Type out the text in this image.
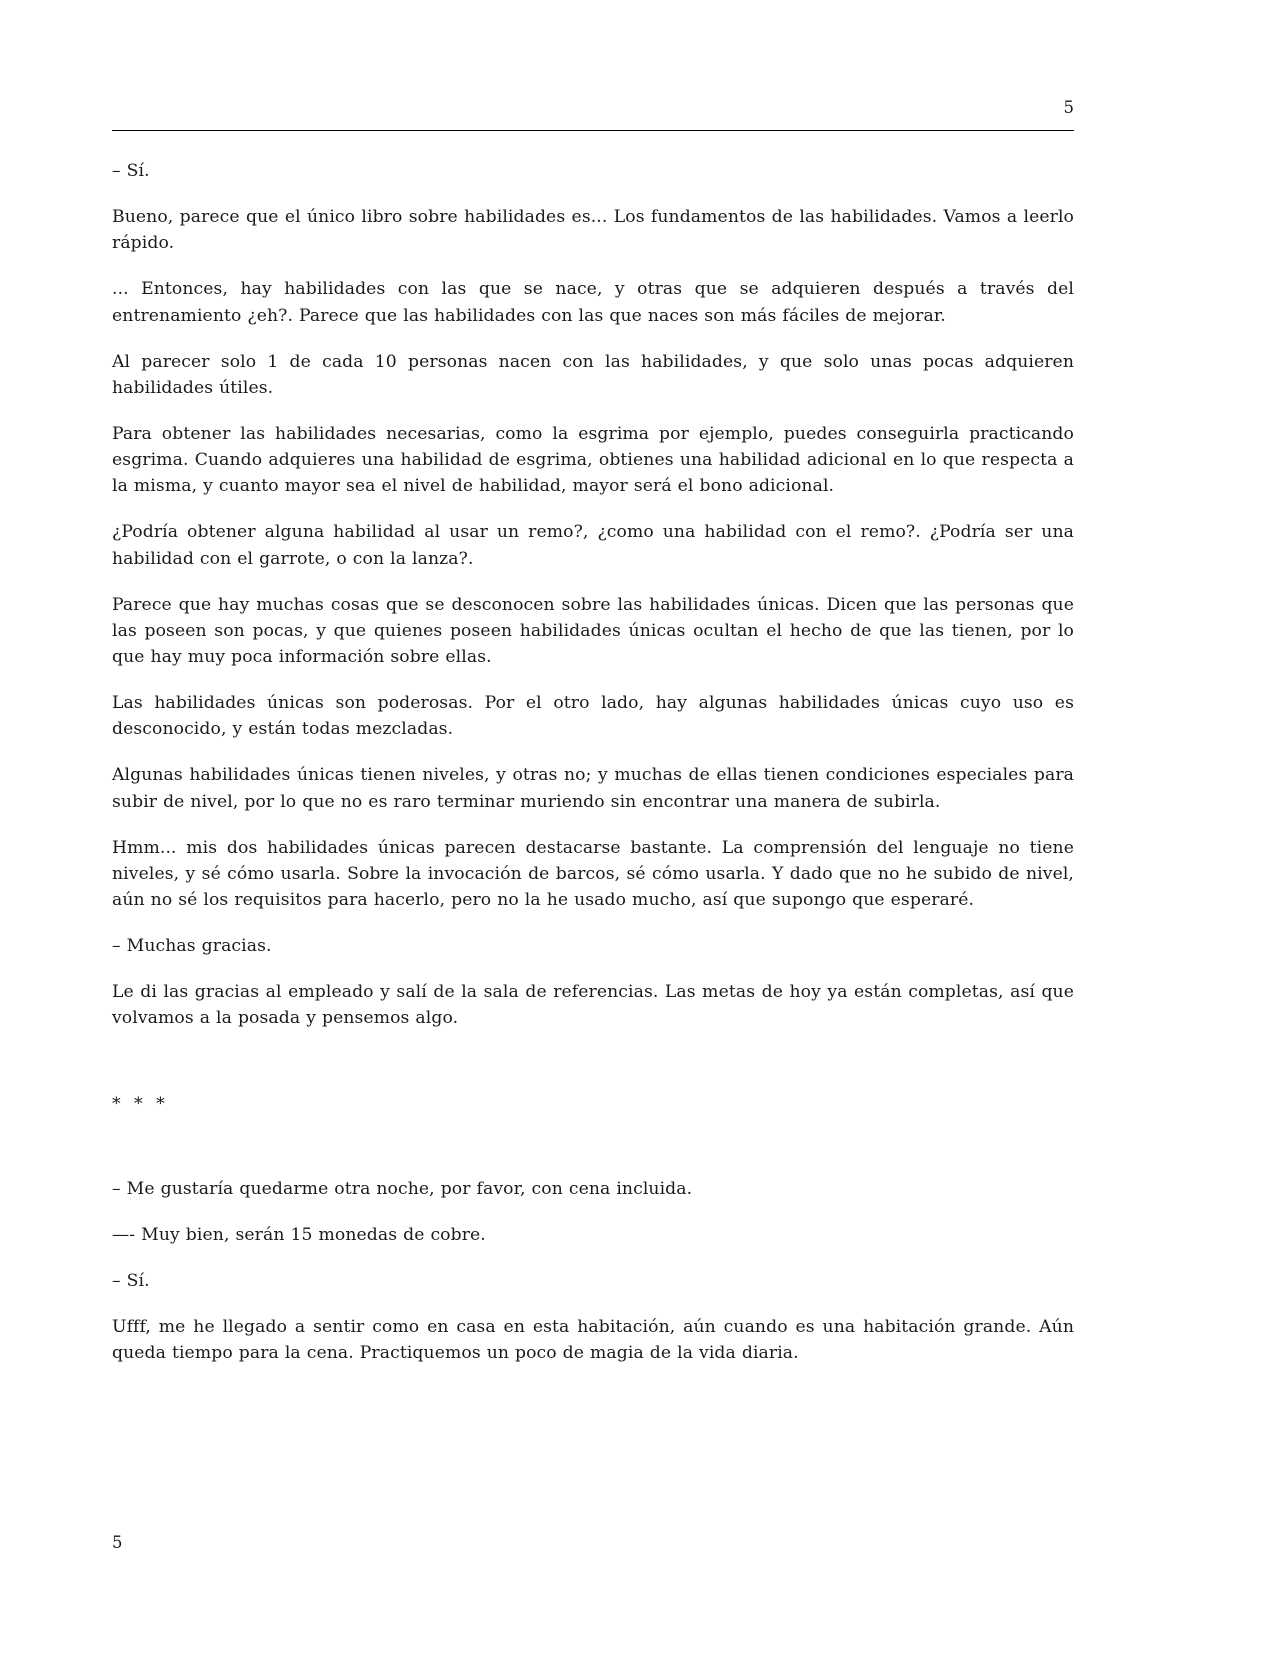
5

– Sí.

Bueno, parece que el único libro sobre habilidades es... Los fundamentos de las habilidades. Vamos a leerlo rápido.

... Entonces, hay habilidades con las que se nace, y otras que se adquieren después a través del entrenamiento ¿eh?. Parece que las habilidades con las que naces son más fáciles de mejorar.

Al parecer solo 1 de cada 10 personas nacen con las habilidades, y que solo unas pocas adquieren habilidades útiles.

Para obtener las habilidades necesarias, como la esgrima por ejemplo, puedes conseguirla practicando esgrima. Cuando adquieres una habilidad de esgrima, obtienes una habilidad adicional en lo que respecta a la misma, y cuanto mayor sea el nivel de habilidad, mayor será el bono adicional.

¿Podría obtener alguna habilidad al usar un remo?, ¿como una habilidad con el remo?. ¿Podría ser una habilidad con el garrote, o con la lanza?.

Parece que hay muchas cosas que se desconocen sobre las habilidades únicas. Dicen que las personas que las poseen son pocas, y que quienes poseen habilidades únicas ocultan el hecho de que las tienen, por lo que hay muy poca información sobre ellas.

Las habilidades únicas son poderosas. Por el otro lado, hay algunas habilidades únicas cuyo uso es desconocido, y están todas mezcladas.

Algunas habilidades únicas tienen niveles, y otras no; y muchas de ellas tienen condiciones especiales para subir de nivel, por lo que no es raro terminar muriendo sin encontrar una manera de subirla.

Hmm... mis dos habilidades únicas parecen destacarse bastante. La comprensión del lenguaje no tiene niveles, y sé cómo usarla. Sobre la invocación de barcos, sé cómo usarla. Y dado que no he subido de nivel, aún no sé los requisitos para hacerlo, pero no la he usado mucho, así que supongo que esperaré.

– Muchas gracias.

Le di las gracias al empleado y salí de la sala de referencias. Las metas de hoy ya están completas, así que volvamos a la posada y pensemos algo.

* * *

– Me gustaría quedarme otra noche, por favor, con cena incluida.

—- Muy bien, serán 15 monedas de cobre.

– Sí.

Ufff, me he llegado a sentir como en casa en esta habitación, aún cuando es una habitación grande. Aún queda tiempo para la cena. Practiquemos un poco de magia de la vida diaria.

5
